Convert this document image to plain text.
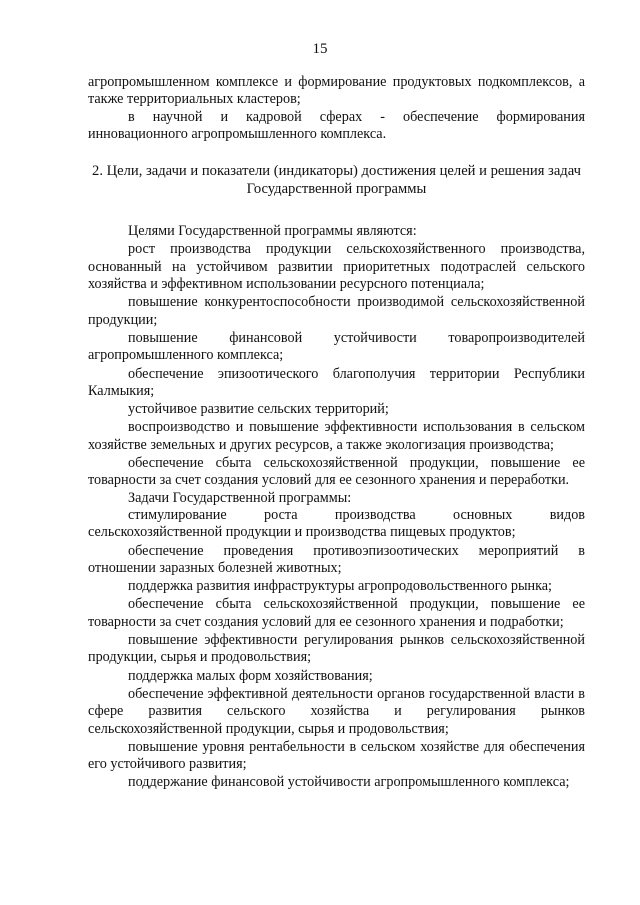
15

агропромышленном комплексе и формирование продуктовых подкомплексов, а также территориальных кластеров;

в научной и кадровой сферах - обеспечение формирования инновационного агропромышленного комплекса.

2. Цели, задачи и показатели (индикаторы) достижения целей и решения задач Государственной программы

Целями Государственной программы являются:

рост производства продукции сельскохозяйственного производства, основанный на устойчивом развитии приоритетных подотраслей сельского хозяйства и эффективном использовании ресурсного потенциала;

повышение конкурентоспособности производимой сельскохозяйственной продукции;

повышение финансовой устойчивости товаропроизводителей агропромышленного комплекса;

обеспечение эпизоотического благополучия территории Республики Калмыкия;

устойчивое развитие сельских территорий;

воспроизводство и повышение эффективности использования в сельском хозяйстве земельных и других ресурсов, а также экологизация производства;

обеспечение сбыта сельскохозяйственной продукции, повышение ее товарности за счет создания условий для ее сезонного хранения и переработки.

Задачи Государственной программы:

стимулирование роста производства основных видов сельскохозяйственной продукции и производства пищевых продуктов;

обеспечение проведения противоэпизоотических мероприятий в отношении заразных болезней животных;

поддержка развития инфраструктуры агропродовольственного рынка;

обеспечение сбыта сельскохозяйственной продукции, повышение ее товарности за счет создания условий для ее сезонного хранения и подработки;

повышение эффективности регулирования рынков сельскохозяйственной продукции, сырья и продовольствия;

поддержка малых форм хозяйствования;

обеспечение эффективной деятельности органов государственной власти в сфере развития сельского хозяйства и регулирования рынков сельскохозяйственной продукции, сырья и продовольствия;

повышение уровня рентабельности в сельском хозяйстве для обеспечения его устойчивого развития;

поддержание финансовой устойчивости агропромышленного комплекса;
